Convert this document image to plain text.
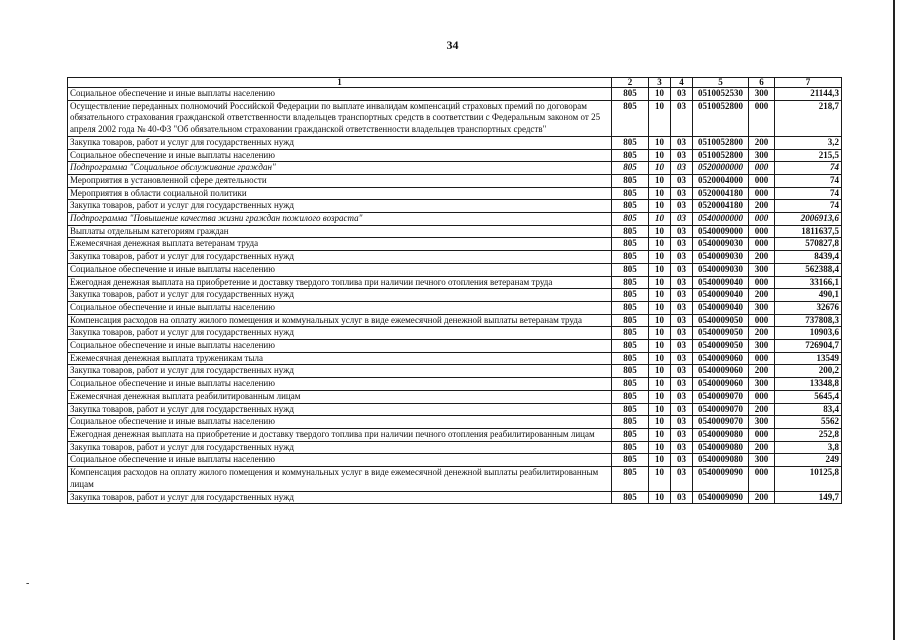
34
-
1	2	3	4	5	6	7
Социальное обеспечение и иные выплаты населению	805	10	03	0510052530	300	21144,3
Осуществление переданных полномочий Российской Федерации по выплате инвалидам компенсаций страховых премий по договорам обязательного страхования гражданской ответственности владельцев транспортных средств в соответствии с Федеральным законом от 25 апреля 2002 года № 40-ФЗ "Об обязательном страховании гражданской ответственности владельцев транспортных средств"	805	10	03	0510052800	000	218,7
Закупка товаров, работ и услуг для государственных нужд	805	10	03	0510052800	200	3,2
Социальное обеспечение и иные выплаты населению	805	10	03	0510052800	300	215,5
Подпрограмма "Социальное обслуживание граждан"	805	10	03	0520000000	000	74
Мероприятия в установленной сфере деятельности	805	10	03	0520004000	000	74
Мероприятия в области социальной политики	805	10	03	0520004180	000	74
Закупка товаров, работ и услуг для государственных нужд	805	10	03	0520004180	200	74
Подпрограмма "Повышение качества жизни граждан пожилого возраста"	805	10	03	0540000000	000	2006913,6
Выплаты отдельным категориям граждан	805	10	03	0540009000	000	1811637,5
Ежемесячная денежная выплата ветеранам труда	805	10	03	0540009030	000	570827,8
Закупка товаров, работ и услуг для государственных нужд	805	10	03	0540009030	200	8439,4
Социальное обеспечение и иные выплаты населению	805	10	03	0540009030	300	562388,4
Ежегодная денежная выплата на приобретение и доставку твердого топлива при наличии печного отопления ветеранам труда	805	10	03	0540009040	000	33166,1
Закупка товаров, работ и услуг для государственных нужд	805	10	03	0540009040	200	490,1
Социальное обеспечение и иные выплаты населению	805	10	03	0540009040	300	32676
Компенсация расходов на оплату жилого помещения и коммунальных услуг в виде ежемесячной денежной выплаты ветеранам труда	805	10	03	0540009050	000	737808,3
Закупка товаров, работ и услуг для государственных нужд	805	10	03	0540009050	200	10903,6
Социальное обеспечение и иные выплаты населению	805	10	03	0540009050	300	726904,7
Ежемесячная денежная выплата труженикам тыла	805	10	03	0540009060	000	13549
Закупка товаров, работ и услуг для государственных нужд	805	10	03	0540009060	200	200,2
Социальное обеспечение и иные выплаты населению	805	10	03	0540009060	300	13348,8
Ежемесячная денежная выплата реабилитированным лицам	805	10	03	0540009070	000	5645,4
Закупка товаров, работ и услуг для государственных нужд	805	10	03	0540009070	200	83,4
Социальное обеспечение и иные выплаты населению	805	10	03	0540009070	300	5562
Ежегодная денежная выплата на приобретение и доставку твердого топлива при наличии печного отопления реабилитированным лицам	805	10	03	0540009080	000	252,8
Закупка товаров, работ и услуг для государственных нужд	805	10	03	0540009080	200	3,8
Социальное обеспечение и иные выплаты населению	805	10	03	0540009080	300	249
Компенсация расходов на оплату жилого помещения и коммунальных услуг в виде ежемесячной денежной выплаты реабилитированным лицам	805	10	03	0540009090	000	10125,8
Закупка товаров, работ и услуг для государственных нужд	805	10	03	0540009090	200	149,7
